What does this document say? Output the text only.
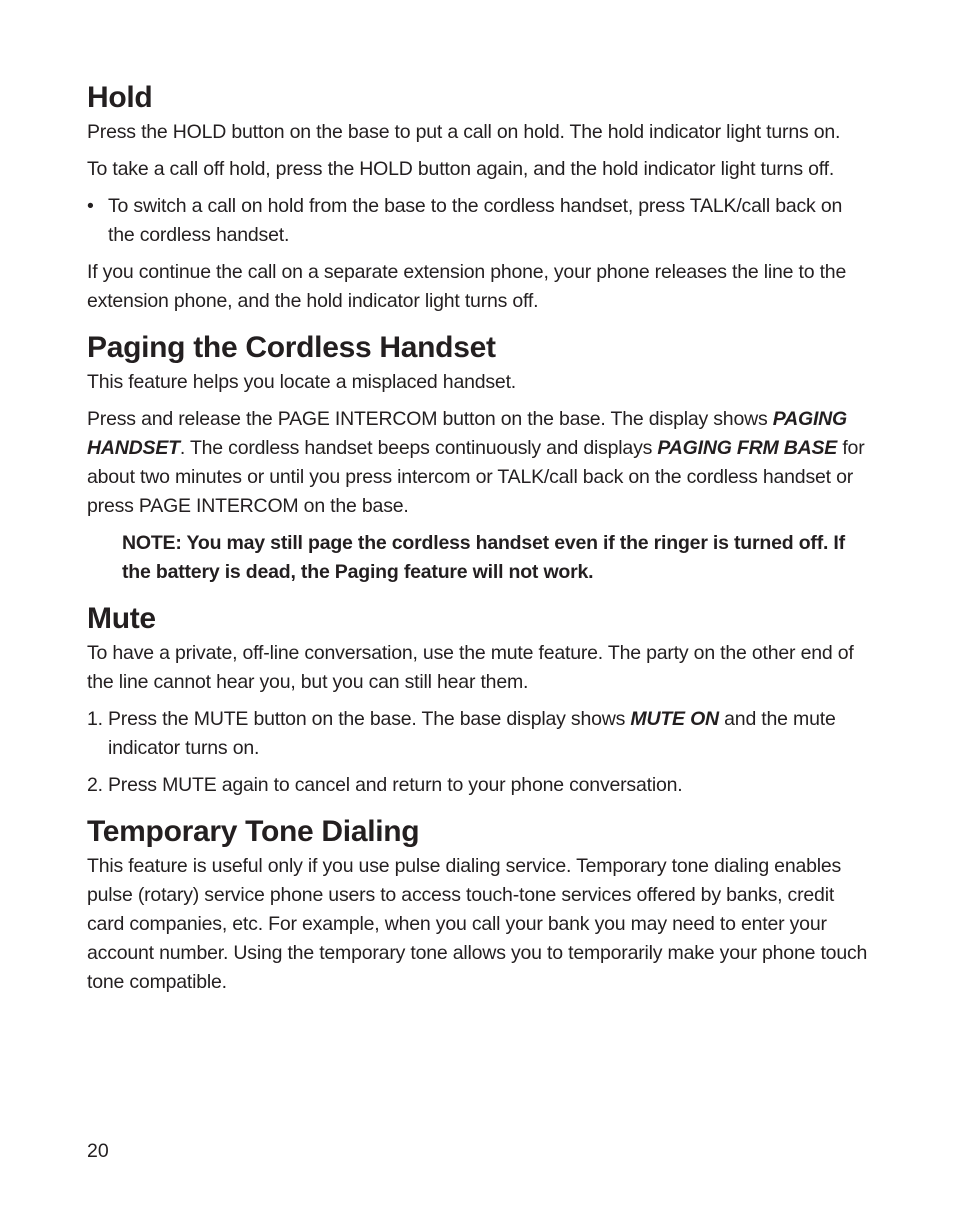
Hold

Press the HOLD button on the base to put a call on hold. The hold indicator light turns on.

To take a call off hold, press the HOLD button again, and the hold indicator light turns off.

• To switch a call on hold from the base to the cordless handset, press TALK/call back on the cordless handset.

If you continue the call on a separate extension phone, your phone releases the line to the extension phone, and the hold indicator light turns off.

Paging the Cordless Handset

This feature helps you locate a misplaced handset.

Press and release the PAGE INTERCOM button on the base. The display shows PAGING HANDSET. The cordless handset beeps continuously and displays PAGING FRM BASE for about two minutes or until you press intercom or TALK/call back on the cordless handset or press PAGE INTERCOM on the base.

NOTE: You may still page the cordless handset even if the ringer is turned off. If the battery is dead, the Paging feature will not work.

Mute

To have a private, off-line conversation, use the mute feature. The party on the other end of the line cannot hear you, but you can still hear them.

1. Press the MUTE button on the base. The base display shows MUTE ON and the mute indicator turns on.
2. Press MUTE again to cancel and return to your phone conversation.
Temporary Tone Dialing

This feature is useful only if you use pulse dialing service. Temporary tone dialing enables pulse (rotary) service phone users to access touch-tone services offered by banks, credit card companies, etc. For example, when you call your bank you may need to enter your account number. Using the temporary tone allows you to temporarily make your phone touch tone compatible.

20
